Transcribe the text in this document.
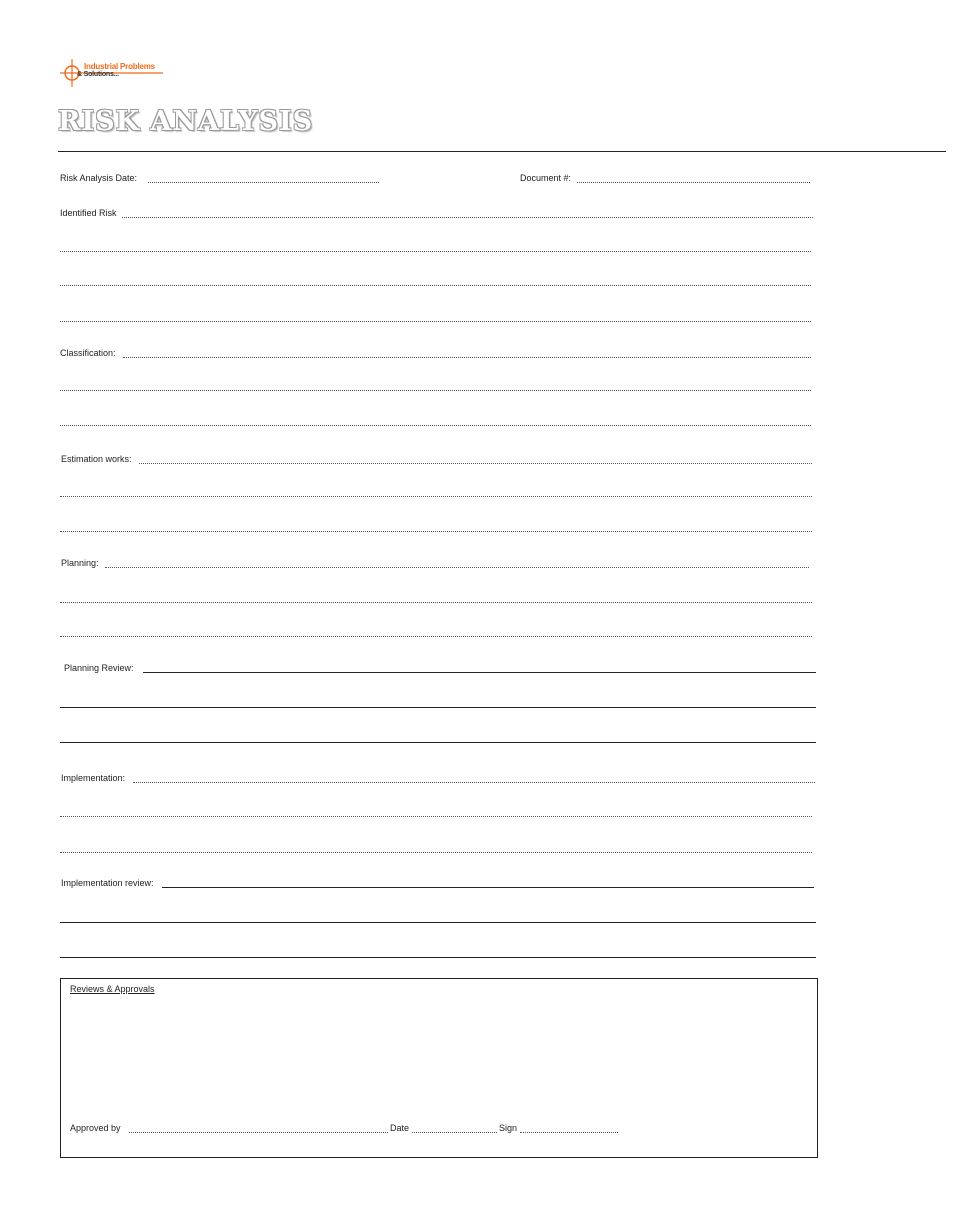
Industrial Problems
& Solutions...
RISK ANALYSIS
Risk Analysis Date:	Document #:
Identified Risk
Classification:
Estimation works:
Planning:
Planning Review:
Implementation:
Implementation review:
Reviews & Approvals
Approved by	Date	Sign
